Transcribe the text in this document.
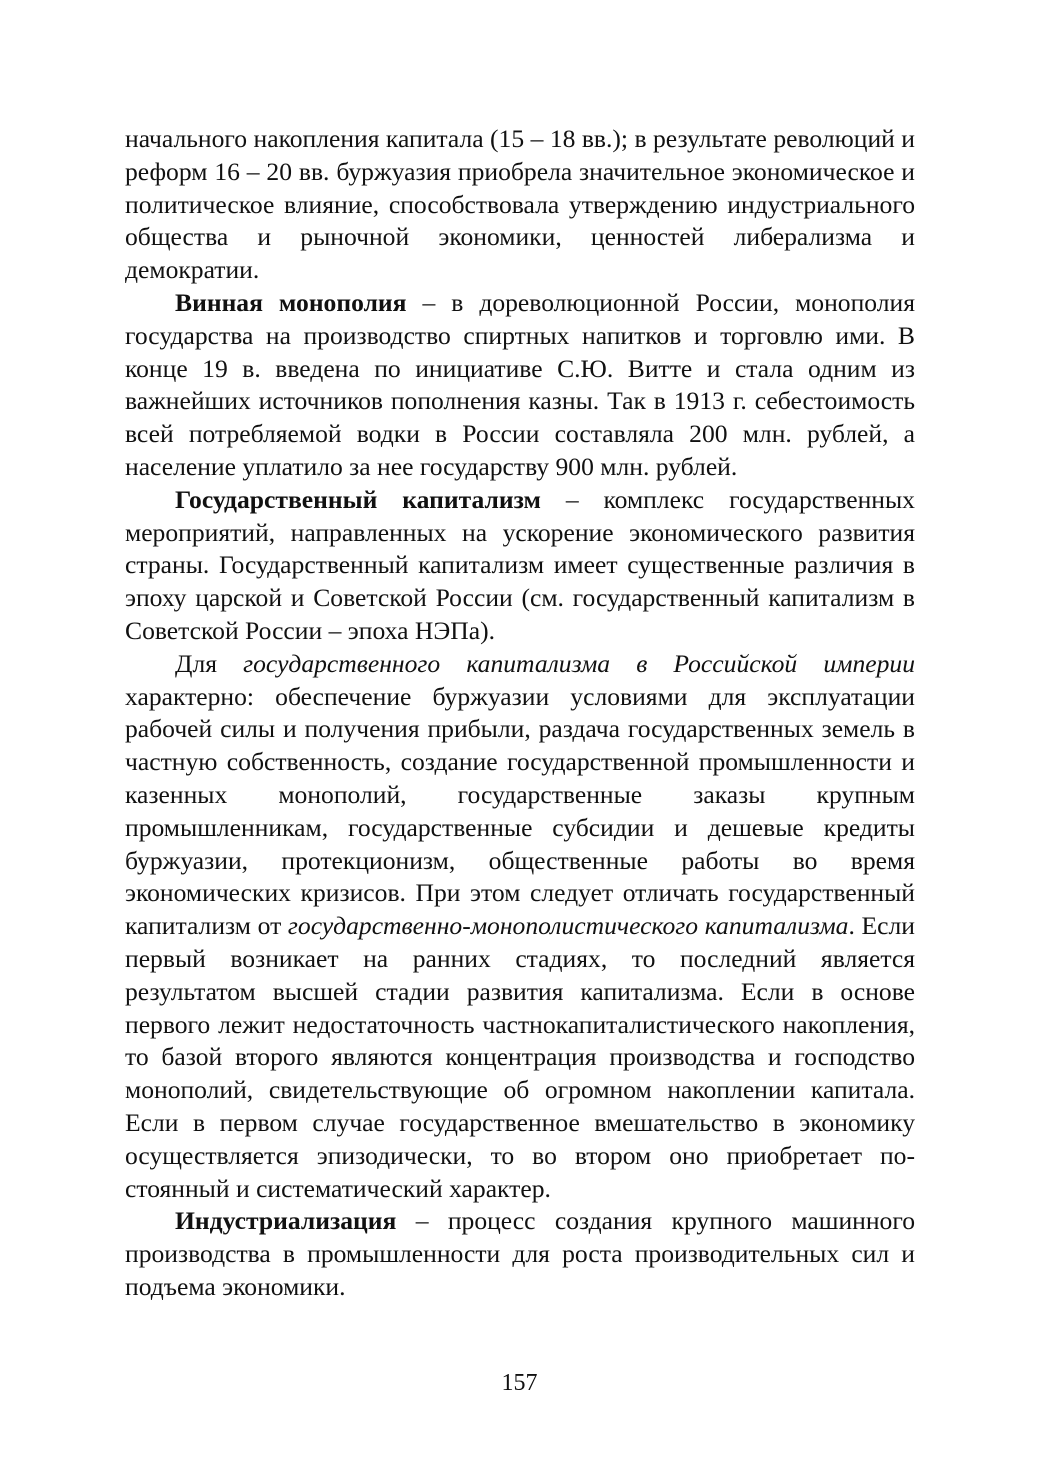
начального накопления капитала (15 – 18 вв.); в результате революций и реформ 16 – 20 вв. буржуазия приобрела значительное экономическое и политическое влияние, способствовала утверждению индустриального общества и рыночной экономики, ценностей либерализма и демократии.

Винная монополия – в дореволюционной России, монополия государства на производство спиртных напитков и торговлю ими. В конце 19 в. введена по инициативе С.Ю. Витте и стала одним из важнейших источников пополнения казны. Так в 1913 г. себестоимость всей потребляемой водки в России составляла 200 млн. рублей, а население уплатило за нее государству 900 млн. рублей.

Государственный капитализм – комплекс государственных мероприятий, направленных на ускорение экономического развития страны. Государственный капитализм имеет существенные различия в эпоху царской и Советской России (см. государственный капитализм в Советской России – эпоха НЭПа).

Для государственного капитализма в Российской империи характерно: обеспечение буржуазии условиями для эксплуатации рабочей силы и получения прибыли, раздача государственных земель в частную собственность, создание государственной промышленности и казенных монополий, государственные заказы крупным промышленникам, государственные субсидии и дешевые кредиты буржуазии, протекционизм, общественные работы во время экономических кризисов. При этом следует отличать государственный капитализм от государственно-монополистического капитализма. Если первый возникает на ранних стадиях, то последний является результатом высшей стадии развития капитализма. Если в основе первого лежит недостаточность частнокапиталистического накопления, то базой второго являются концентрация производства и господство монополий, свидетельствующие об огромном накоплении капитала. Если в первом случае государственное вмешательство в экономику осуществляется эпизодически, то во втором оно приобретает постоянный и систематический характер.

Индустриализация – процесс создания крупного машинного производства в промышленности для роста производительных сил и подъема экономики.

157
